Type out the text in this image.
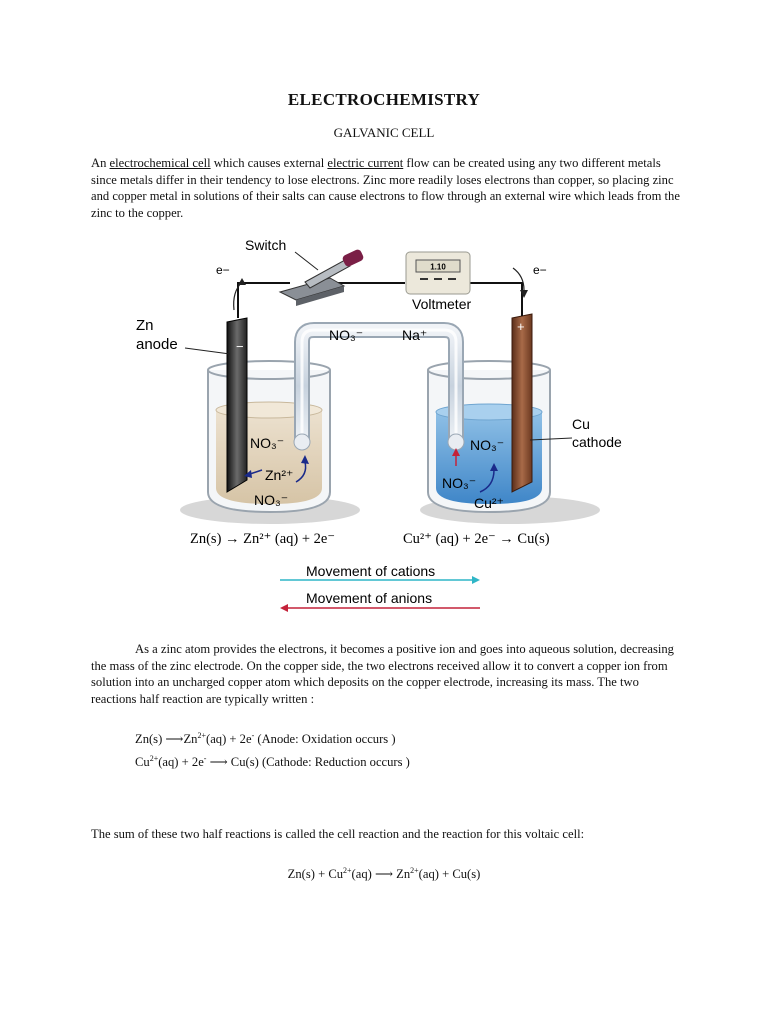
ELECTROCHEMISTRY
GALVANIC CELL
An electrochemical cell which causes external electric current flow can be created using any two different metals since metals differ in their tendency to lose electrons. Zinc more readily loses electrons than copper, so placing zinc and copper metal in solutions of their salts can cause electrons to flow through an external wire which leads from the zinc to the copper.
1.10
Switch
Voltmeter
e−	e−
Zn
anode
Cu
cathode
NO₃⁻	Na⁺
−
+
NO₃⁻
Zn²⁺
NO₃⁻
NO₃⁻
NO₃⁻
Cu²⁺
Zn(s) → Zn²⁺ (aq) + 2e⁻	Cu²⁺ (aq) + 2e⁻ → Cu(s)
Movement of cations
Movement of anions
As a zinc atom provides the electrons, it becomes a positive ion and goes into aqueous solution, decreasing the mass of the zinc electrode. On the copper side, the two electrons received allow it to convert a copper ion from solution into an uncharged copper atom which deposits on the copper electrode, increasing its mass. The two reactions half reaction are typically written :
Zn(s) $⟶Zn^{2+}(aq) + 2e^-$ (Anode: Oxidation occurs )
$Cu^{2+}(aq) + 2e^-$ ⟶ Cu(s) (Cathode: Reduction occurs )
The sum of these two half reactions is called the cell reaction and the reaction for this voltaic cell:
$Zn(s) + Cu^{2+}(aq)$ ⟶ $Zn^{2+}(aq) + Cu(s)$
